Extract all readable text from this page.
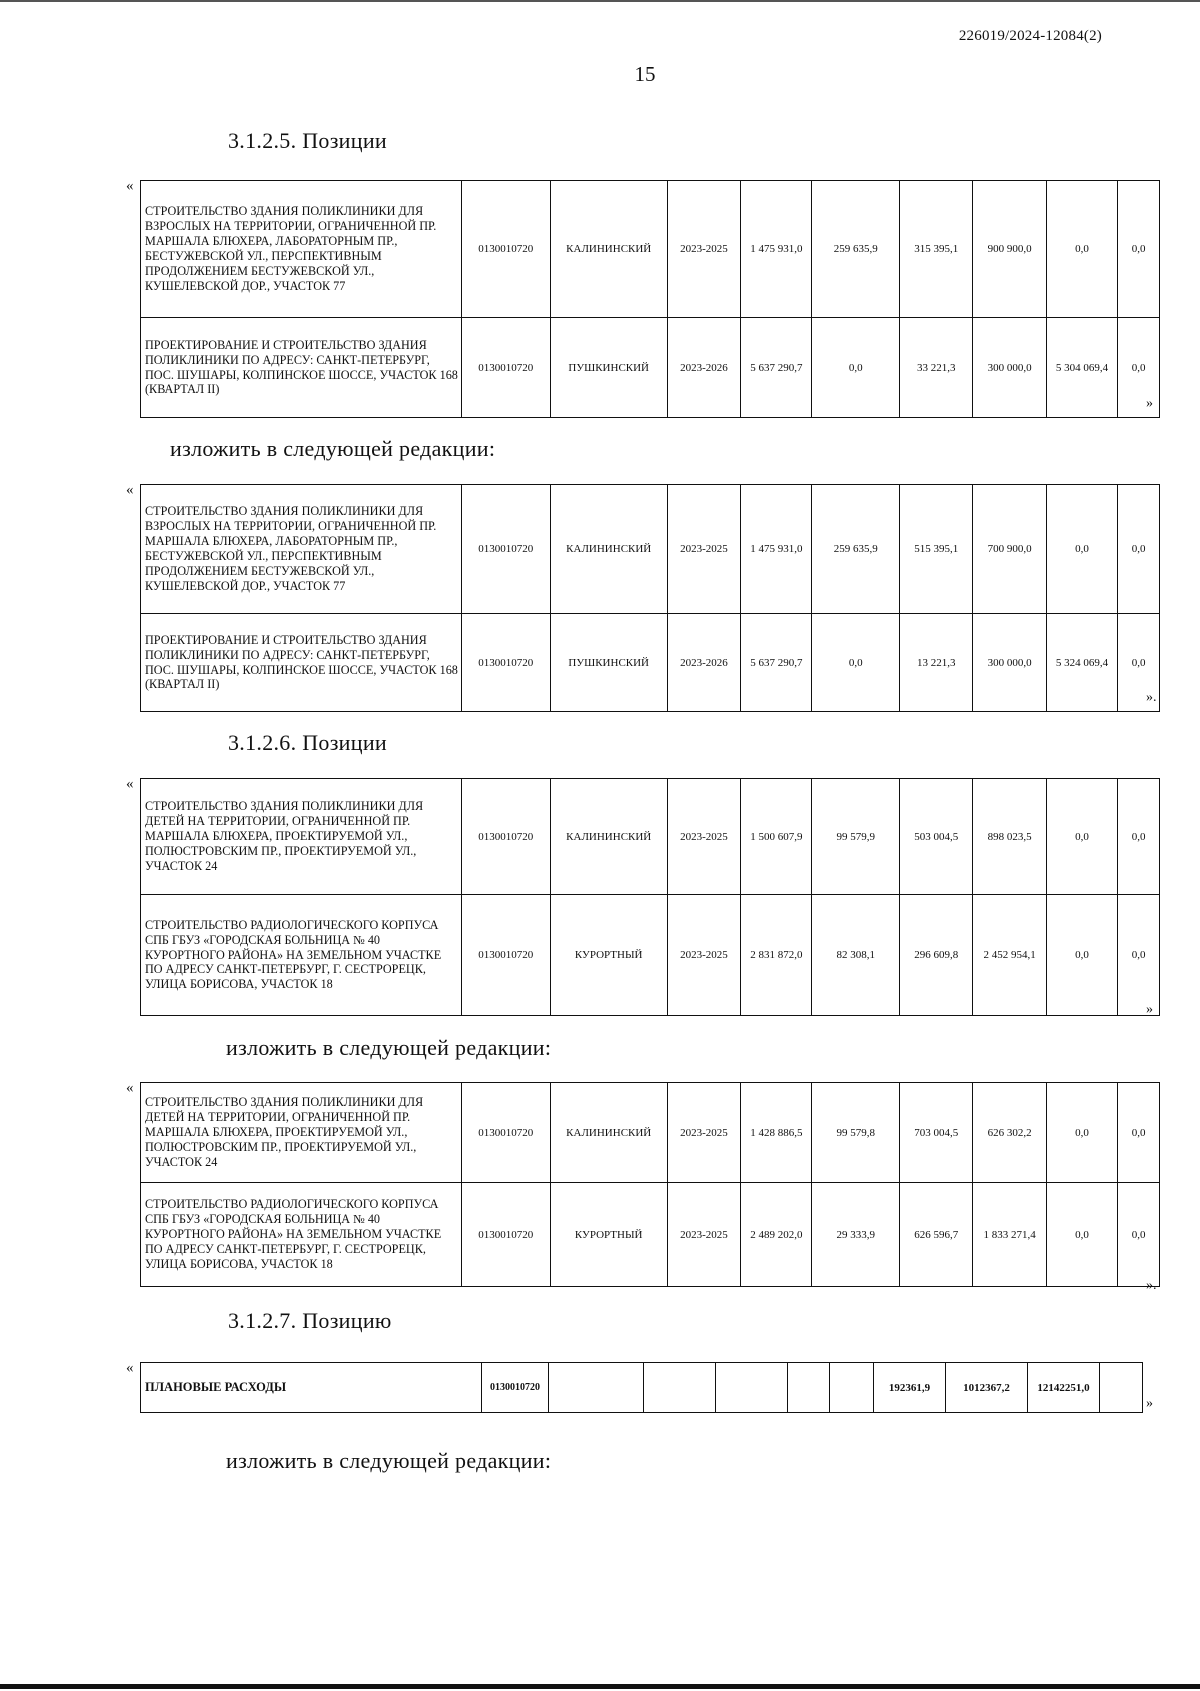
226019/2024-12084(2)
15
3.1.2.5. Позиции
«
СТРОИТЕЛЬСТВО ЗДАНИЯ ПОЛИКЛИНИКИ ДЛЯ ВЗРОСЛЫХ НА ТЕРРИТОРИИ, ОГРАНИЧЕННОЙ ПР. МАРШАЛА БЛЮХЕРА, ЛАБОРАТОРНЫМ ПР., БЕСТУЖЕВСКОЙ УЛ., ПЕРСПЕКТИВНЫМ ПРОДОЛЖЕНИЕМ БЕСТУЖЕВСКОЙ УЛ., КУШЕЛЕВСКОЙ ДОР., УЧАСТОК 77	0130010720	КАЛИНИНСКИЙ	2023-2025	1 475 931,0	259 635,9	315 395,1	900 900,0	0,0	0,0
ПРОЕКТИРОВАНИЕ И СТРОИТЕЛЬСТВО ЗДАНИЯ ПОЛИКЛИНИКИ ПО АДРЕСУ: САНКТ-ПЕТЕРБУРГ, ПОС. ШУШАРЫ, КОЛПИНСКОЕ ШОССЕ, УЧАСТОК 168 (КВАРТАЛ II)	0130010720	ПУШКИНСКИЙ	2023-2026	5 637 290,7	0,0	33 221,3	300 000,0	5 304 069,4	0,0
»
изложить в следующей редакции:
«
СТРОИТЕЛЬСТВО ЗДАНИЯ ПОЛИКЛИНИКИ ДЛЯ ВЗРОСЛЫХ НА ТЕРРИТОРИИ, ОГРАНИЧЕННОЙ ПР. МАРШАЛА БЛЮХЕРА, ЛАБОРАТОРНЫМ ПР., БЕСТУЖЕВСКОЙ УЛ., ПЕРСПЕКТИВНЫМ ПРОДОЛЖЕНИЕМ БЕСТУЖЕВСКОЙ УЛ., КУШЕЛЕВСКОЙ ДОР., УЧАСТОК 77	0130010720	КАЛИНИНСКИЙ	2023-2025	1 475 931,0	259 635,9	515 395,1	700 900,0	0,0	0,0
ПРОЕКТИРОВАНИЕ И СТРОИТЕЛЬСТВО ЗДАНИЯ ПОЛИКЛИНИКИ ПО АДРЕСУ: САНКТ-ПЕТЕРБУРГ, ПОС. ШУШАРЫ, КОЛПИНСКОЕ ШОССЕ, УЧАСТОК 168 (КВАРТАЛ II)	0130010720	ПУШКИНСКИЙ	2023-2026	5 637 290,7	0,0	13 221,3	300 000,0	5 324 069,4	0,0
».
3.1.2.6. Позиции
«
СТРОИТЕЛЬСТВО ЗДАНИЯ ПОЛИКЛИНИКИ ДЛЯ ДЕТЕЙ НА ТЕРРИТОРИИ, ОГРАНИЧЕННОЙ ПР. МАРШАЛА БЛЮХЕРА, ПРОЕКТИРУЕМОЙ УЛ., ПОЛЮСТРОВСКИМ ПР., ПРОЕКТИРУЕМОЙ УЛ., УЧАСТОК 24	0130010720	КАЛИНИНСКИЙ	2023-2025	1 500 607,9	99 579,9	503 004,5	898 023,5	0,0	0,0
СТРОИТЕЛЬСТВО РАДИОЛОГИЧЕСКОГО КОРПУСА СПБ ГБУЗ «ГОРОДСКАЯ БОЛЬНИЦА № 40 КУРОРТНОГО РАЙОНА» НА ЗЕМЕЛЬНОМ УЧАСТКЕ ПО АДРЕСУ САНКТ-ПЕТЕРБУРГ, Г. СЕСТРОРЕЦК, УЛИЦА БОРИСОВА, УЧАСТОК 18	0130010720	КУРОРТНЫЙ	2023-2025	2 831 872,0	82 308,1	296 609,8	2 452 954,1	0,0	0,0
»
изложить в следующей редакции:
«
СТРОИТЕЛЬСТВО ЗДАНИЯ ПОЛИКЛИНИКИ ДЛЯ ДЕТЕЙ НА ТЕРРИТОРИИ, ОГРАНИЧЕННОЙ ПР. МАРШАЛА БЛЮХЕРА, ПРОЕКТИРУЕМОЙ УЛ., ПОЛЮСТРОВСКИМ ПР., ПРОЕКТИРУЕМОЙ УЛ., УЧАСТОК 24	0130010720	КАЛИНИНСКИЙ	2023-2025	1 428 886,5	99 579,8	703 004,5	626 302,2	0,0	0,0
СТРОИТЕЛЬСТВО РАДИОЛОГИЧЕСКОГО КОРПУСА СПБ ГБУЗ «ГОРОДСКАЯ БОЛЬНИЦА № 40 КУРОРТНОГО РАЙОНА» НА ЗЕМЕЛЬНОМ УЧАСТКЕ ПО АДРЕСУ САНКТ-ПЕТЕРБУРГ, Г. СЕСТРОРЕЦК, УЛИЦА БОРИСОВА, УЧАСТОК 18	0130010720	КУРОРТНЫЙ	2023-2025	2 489 202,0	29 333,9	626 596,7	1 833 271,4	0,0	0,0
».
3.1.2.7. Позицию
«
ПЛАНОВЫЕ РАСХОДЫ	0130010720						192361,9	1012367,2	12142251,0	
»
изложить в следующей редакции:
